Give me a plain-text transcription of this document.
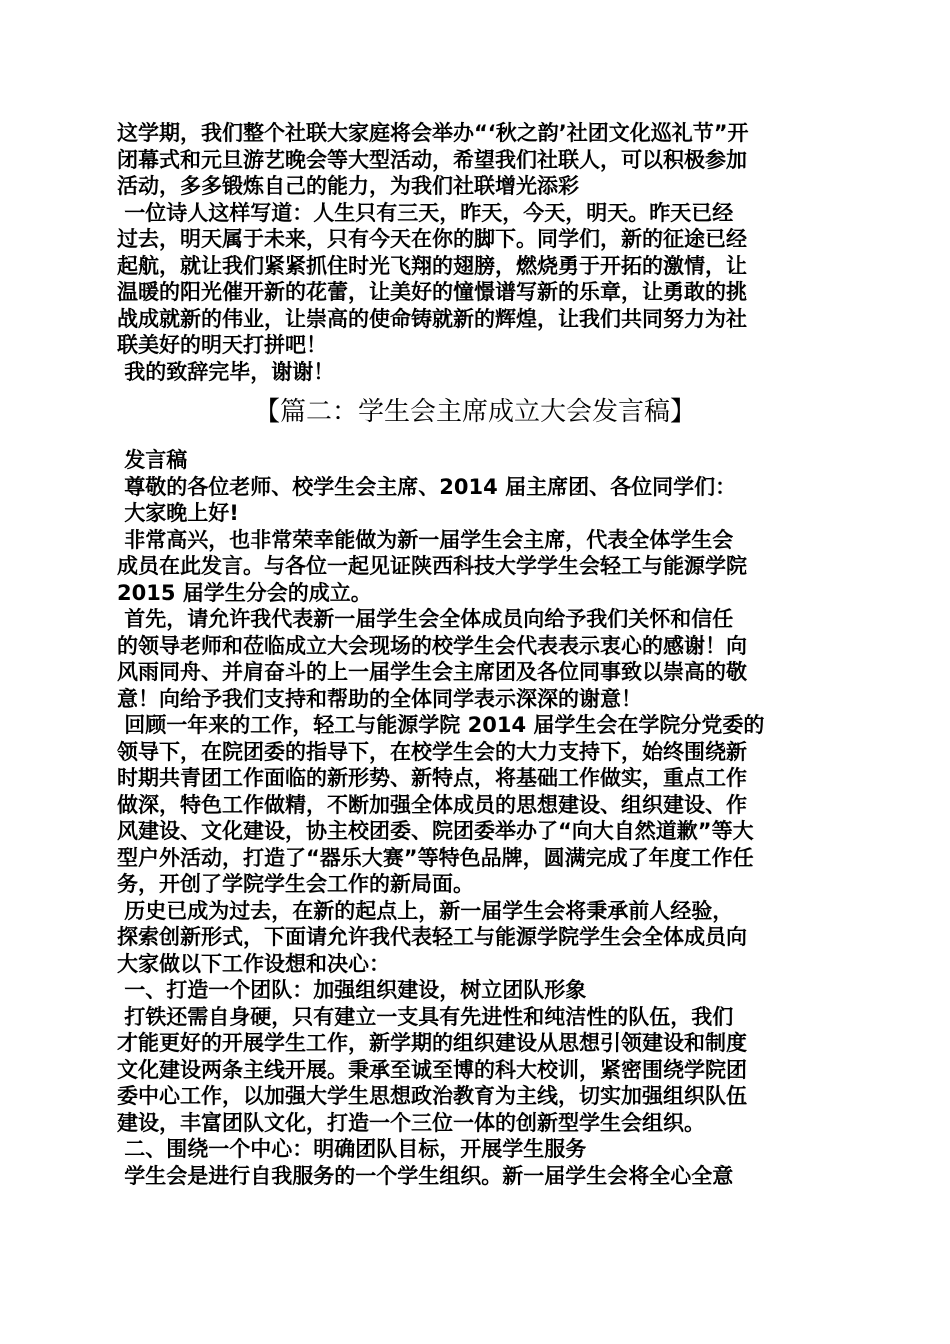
这学期，我们整个社联大家庭将会举办“‘秋之韵’社团文化巡礼节”开

闭幕式和元旦游艺晚会等大型活动，希望我们社联人，可以积极参加

活动，多多锻炼自己的能力，为我们社联增光添彩

一位诗人这样写道：人生只有三天，昨天，今天，明天。昨天已经

过去，明天属于未来，只有今天在你的脚下。同学们，新的征途已经

起航，就让我们紧紧抓住时光飞翔的翅膀，燃烧勇于开拓的激情，让

温暖的阳光催开新的花蕾，让美好的憧憬谱写新的乐章，让勇敢的挑

战成就新的伟业，让崇高的使命铸就新的辉煌，让我们共同努力为社

联美好的明天打拼吧！

我的致辞完毕，谢谢！

【篇二：学生会主席成立大会发言稿】

发言稿

尊敬的各位老师、校学生会主席、2014 届主席团、各位同学们：

大家晚上好!

非常高兴，也非常荣幸能做为新一届学生会主席，代表全体学生会

成员在此发言。与各位一起见证陕西科技大学学生会轻工与能源学院

2015 届学生分会的成立。

首先，请允许我代表新一届学生会全体成员向给予我们关怀和信任

的领导老师和莅临成立大会现场的校学生会代表表示衷心的感谢！向

风雨同舟、并肩奋斗的上一届学生会主席团及各位同事致以崇高的敬

意！向给予我们支持和帮助的全体同学表示深深的谢意！

回顾一年来的工作，轻工与能源学院 2014 届学生会在学院分党委的

领导下，在院团委的指导下，在校学生会的大力支持下，始终围绕新

时期共青团工作面临的新形势、新特点，将基础工作做实，重点工作

做深，特色工作做精，不断加强全体成员的思想建设、组织建设、作

风建设、文化建设，协主校团委、院团委举办了“向大自然道歉”等大

型户外活动，打造了“器乐大赛”等特色品牌，圆满完成了年度工作任

务，开创了学院学生会工作的新局面。

历史已成为过去，在新的起点上，新一届学生会将秉承前人经验，

探索创新形式，下面请允许我代表轻工与能源学院学生会全体成员向

大家做以下工作设想和决心：

一、打造一个团队：加强组织建设，树立团队形象

打铁还需自身硬，只有建立一支具有先进性和纯洁性的队伍，我们

才能更好的开展学生工作，新学期的组织建设从思想引领建设和制度

文化建设两条主线开展。秉承至诚至博的科大校训，紧密围绕学院团

委中心工作，以加强大学生思想政治教育为主线，切实加强组织队伍

建设，丰富团队文化，打造一个三位一体的创新型学生会组织。

二、围绕一个中心：明确团队目标，开展学生服务

学生会是进行自我服务的一个学生组织。新一届学生会将全心全意
